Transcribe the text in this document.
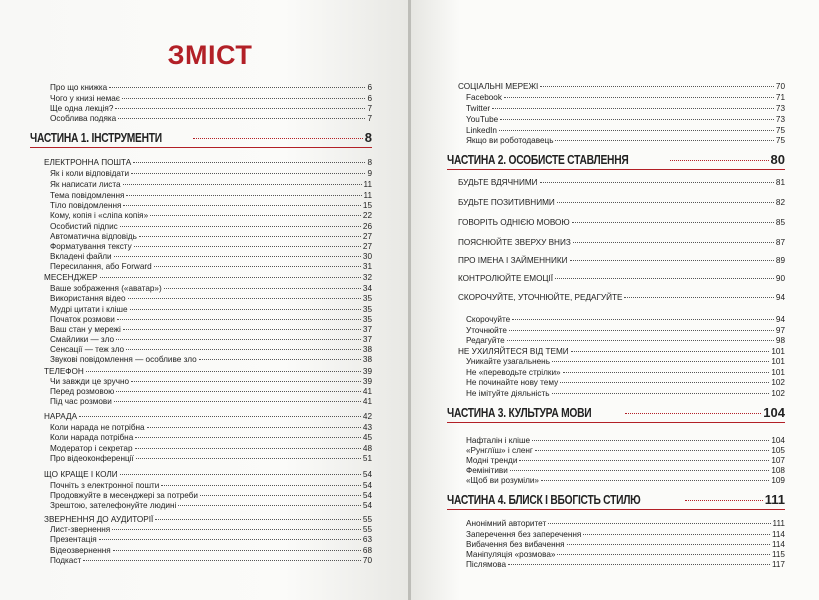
ЗМІСТ
Про що книжка	6
Чого у книзі немає	6
Ще одна лекція?	7
Особлива подяка	7
ЧАСТИНА 1. ІНСТРУМЕНТИ	8
ЕЛЕКТРОННА ПОШТА	8
Як і коли відповідати	9
Як написати листа	11
Тема повідомлення	11
Тіло повідомлення	15
Кому, копія і «сліпа копія»	22
Особистий підпис	26
Автоматична відповідь	27
Форматування тексту	27
Вкладені файли	30
Пересилання, або Forward	31
МЕСЕНДЖЕР	32
Ваше зображення («аватар»)	34
Використання відео	35
Мудрі цитати і кліше	35
Початок розмови	35
Ваш стан у мережі	37
Смайлики — зло	37
Сенсації — теж зло	38
Звукові повідомлення — особливе зло	38
ТЕЛЕФОН	39
Чи завжди це зручно	39
Перед розмовою	41
Під час розмови	41
НАРАДА	42
Коли нарада не потрібна	43
Коли нарада потрібна	45
Модератор і секретар	48
Про відеоконференції	51
ЩО КРАЩЕ І КОЛИ	54
Почніть з електронної пошти	54
Продовжуйте в месенджері за потреби	54
Зрештою, зателефонуйте людині	54
ЗВЕРНЕННЯ ДО АУДИТОРІЇ	55
Лист-звернення	55
Презентація	63
Відеозвернення	68
Подкаст	70
СОЦІАЛЬНІ МЕРЕЖІ	70
Facebook	71
Twitter	73
YouTube	73
LinkedIn	75
Якщо ви роботодавець	75
ЧАСТИНА 2. ОСОБИСТЕ СТАВЛЕННЯ	80
БУДЬТЕ ВДЯЧНИМИ	81
БУДЬТЕ ПОЗИТИВНИМИ	82
ГОВОРІТЬ ОДНІЄЮ МОВОЮ	85
ПОЯСНЮЙТЕ ЗВЕРХУ ВНИЗ	87
ПРО ІМЕНА І ЗАЙМЕННИКИ	89
КОНТРОЛЮЙТЕ ЕМОЦІЇ	90
СКОРОЧУЙТЕ, УТОЧНЮЙТЕ, РЕДАГУЙТЕ	94
Скорочуйте	94
Уточнюйте	97
Редагуйте	98
НЕ УХИЛЯЙТЕСЯ ВІД ТЕМИ	101
Уникайте узагальнень	101
Не «переводьте стрілки»	101
Не починайте нову тему	102
Не імітуйте діяльність	102
ЧАСТИНА 3. КУЛЬТУРА МОВИ	104
Нафталін і кліше	104
«Рунглїш» і сленг	105
Модні тренди	107
Фемінітиви	108
«Щоб ви розуміли»	109
ЧАСТИНА 4. БЛИСК І ВБОГІСТЬ СТИЛЮ	111
Анонімний авторитет	111
Заперечення без заперечення	114
Вибачення без вибачення	114
Маніпуляція «розмова»	115
Післямова	117
